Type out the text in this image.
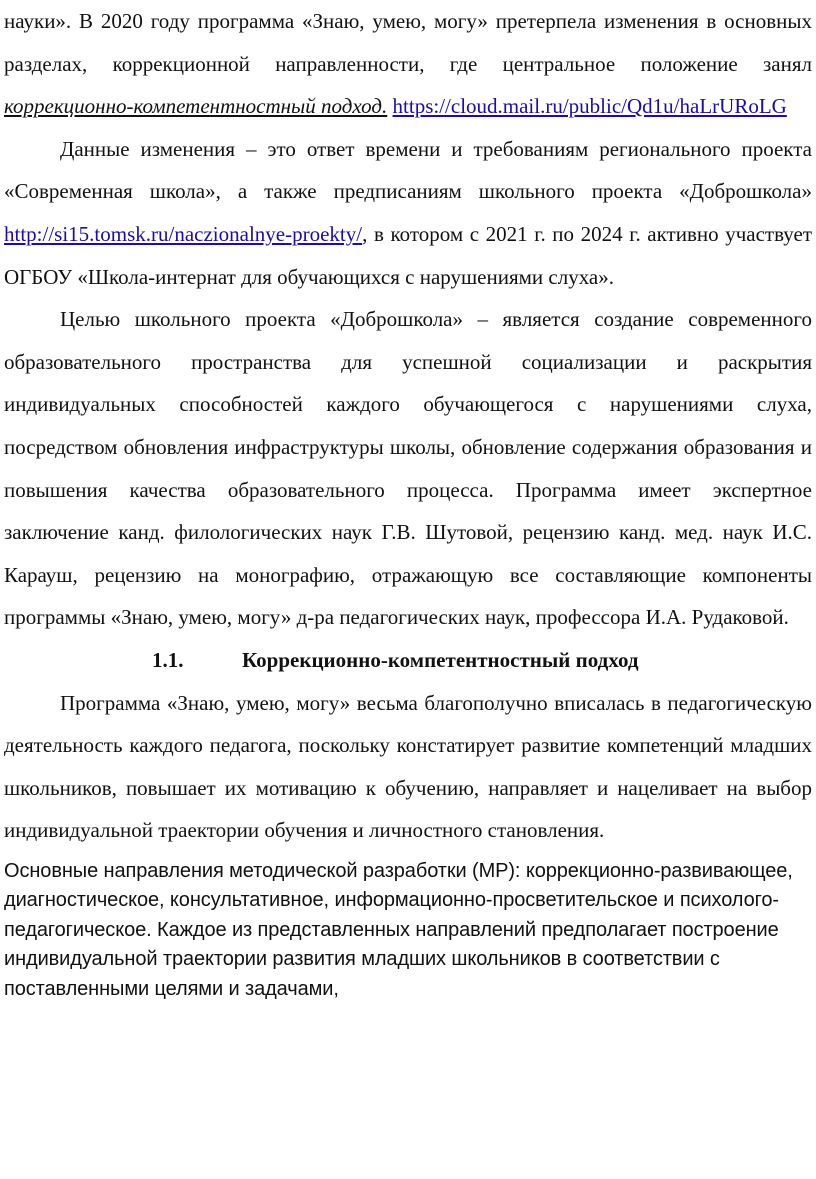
науки». В 2020 году программа «Знаю, умею, могу» претерпела изменения в основных разделах, коррекционной направленности, где центральное положение занял коррекционно-компетентностный подход. https://cloud.mail.ru/public/Qd1u/haLrURoLG

Данные изменения – это ответ времени и требованиям регионального проекта «Современная школа», а также предписаниям школьного проекта «Доброшкола» http://si15.tomsk.ru/naczionalnye-proekty/, в котором с 2021 г. по 2024 г. активно участвует ОГБОУ «Школа-интернат для обучающихся с нарушениями слуха».

Целью школьного проекта «Доброшкола» – является создание современного образовательного пространства для успешной социализации и раскрытия индивидуальных способностей каждого обучающегося с нарушениями слуха, посредством обновления инфраструктуры школы, обновление содержания образования и повышения качества образовательного процесса. Программа имеет экспертное заключение канд. филологических наук Г.В. Шутовой, рецензию канд. мед. наук И.С. Карауш, рецензию на монографию, отражающую все составляющие компоненты программы «Знаю, умею, могу» д-ра педагогических наук, профессора И.А. Рудаковой.

1.1.	Коррекционно-компетентностный подход

Программа «Знаю, умею, могу» весьма благополучно вписалась в педагогическую деятельность каждого педагога, поскольку констатирует развитие компетенций младших школьников, повышает их мотивацию к обучению, направляет и нацеливает на выбор индивидуальной траектории обучения и личностного становления.

Основные направления методической разработки (МР): коррекционно-развивающее, диагностическое, консультативное, информационно-просветительское и психолого-педагогическое. Каждое из представленных направлений предполагает построение индивидуальной траектории развития младших школьников в соответствии с поставленными целями и задачами,
